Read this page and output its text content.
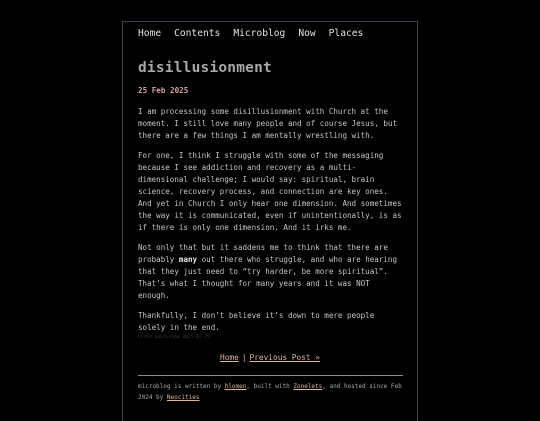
Home Contents Microblog Now Places
disillusionment
25 Feb 2025

I am processing some disillusionment with Church at the moment. I still love many people and of course Jesus, but there are a few things I am mentally wrestling with.

For one, I think I struggle with some of the messaging because I see addiction and recovery as a multi-dimensional challenge; I would say: spiritual, brain science, recovery process, and connection are key ones. And yet in Church I only hear one dimension. And sometimes the way it is communicated, even if unintentionally, is as if there is only one dimension. And it irks me.

Not only that but it saddens me to think that there are probably many out there who struggle, and who are hearing that they just need to “try harder, be more spiritual”. That’s what I thought for many years and it was NOT enough.

Thankfully, I don’t believe it’s down to mere people solely in the end.

First published 2025-02-25
Home | Previous Post »
microblog is written by hlomen, built with Zonelets, and hosted since Feb 2024 by Neocities
